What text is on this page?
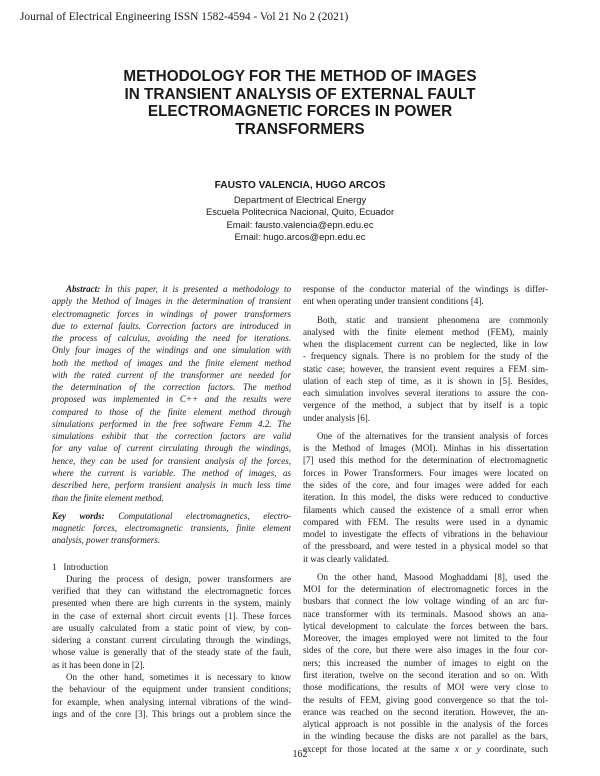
Journal of Electrical Engineering ISSN 1582-4594 - Vol 21 No 2 (2021)
METHODOLOGY FOR THE METHOD OF IMAGES
IN TRANSIENT ANALYSIS OF EXTERNAL FAULT
ELECTROMAGNETIC FORCES IN POWER
TRANSFORMERS
FAUSTO VALENCIA, HUGO ARCOS
Department of Electrical Energy
Escuela Politecnica Nacional, Quito, Ecuador
Email: fausto.valencia@epn.edu.ec
Email: hugo.arcos@epn.edu.ec
Abstract: In this paper, it is presented a methodology to
apply the Method of Images in the determination of transient
electromagnetic forces in windings of power transformers
due to external faults. Correction factors are introduced in
the process of calculus, avoiding the need for iterations.
Only four images of the windings and one simulation with
both the method of images and the finite element method
with the rated current of the transformer are needed for
the determination of the correction factors. The method
proposed was implemented in C++ and the results were
compared to those of the finite element method through
simulations performed in the free software Femm 4.2. The
simulations exhibit that the correction factors are valid
for any value of current circulating through the windings,
hence, they can be used for transient analysis of the forces,
where the current is variable. The method of images, as
described here, perform transient analysis in much less time
than the finite element method.
Key words: Computational electromagnetics, electro-
magnetic forces, electromagnetic transients, finite element
analysis, power transformers.
1 Introduction
During the process of design, power transformers are
verified that they can withstand the electromagnetic forces
presented when there are high currents in the system, mainly
in the case of external short circuit events [1]. These forces
are usually calculated from a static point of view, by con-
sidering a constant current circulating through the windings,
whose value is generally that of the steady state of the fault,
as it has been done in [2].
On the other hand, sometimes it is necessary to know
the behaviour of the equipment under transient conditions;
for example, when analysing internal vibrations of the wind-
ings and of the core [3]. This brings out a problem since the
response of the conductor material of the windings is differ-
ent when operating under transient conditions [4].
Both, static and transient phenomena are commonly
analysed with the finite element method (FEM), mainly
when the displacement current can be neglected, like in low
- frequency signals. There is no problem for the study of the
static case; however, the transient event requires a FEM sim-
ulation of each step of time, as it is shown in [5]. Besides,
each simulation involves several iterations to assure the con-
vergence of the method, a subject that by itself is a topic
under analysis [6].
One of the alternatives for the transient analysis of forces
is the Method of Images (MOI). Minhas in his dissertation
[7] used this method for the determination of electromagnetic
forces in Power Transformers. Four images were located on
the sides of the core, and four images were added for each
iteration. In this model, the disks were reduced to conductive
filaments which caused the existence of a small error when
compared with FEM. The results were used in a dynamic
model to investigate the effects of vibrations in the behaviour
of the pressboard, and were tested in a physical model so that
it was clearly validated.
On the other hand, Masood Moghaddami [8], used the
MOI for the determination of electromagnetic forces in the
busbars that connect the low voltage winding of an arc fur-
nace transformer with its terminals. Masood shows an ana-
lytical development to calculate the forces between the bars.
Moreover, the images employed were not limited to the four
sides of the core, but there were also images in the four cor-
ners; this increased the number of images to eight on the
first iteration, twelve on the second iteration and so on. With
those modifications, the results of MOI were very close to
the results of FEM, giving good convergence so that the tol-
erance was reached on the second iteration. However, the an-
alytical approach is not possible in the analysis of the forces
in the winding because the disks are not parallel as the bars,
except for those located at the same x or y coordinate, such
162
